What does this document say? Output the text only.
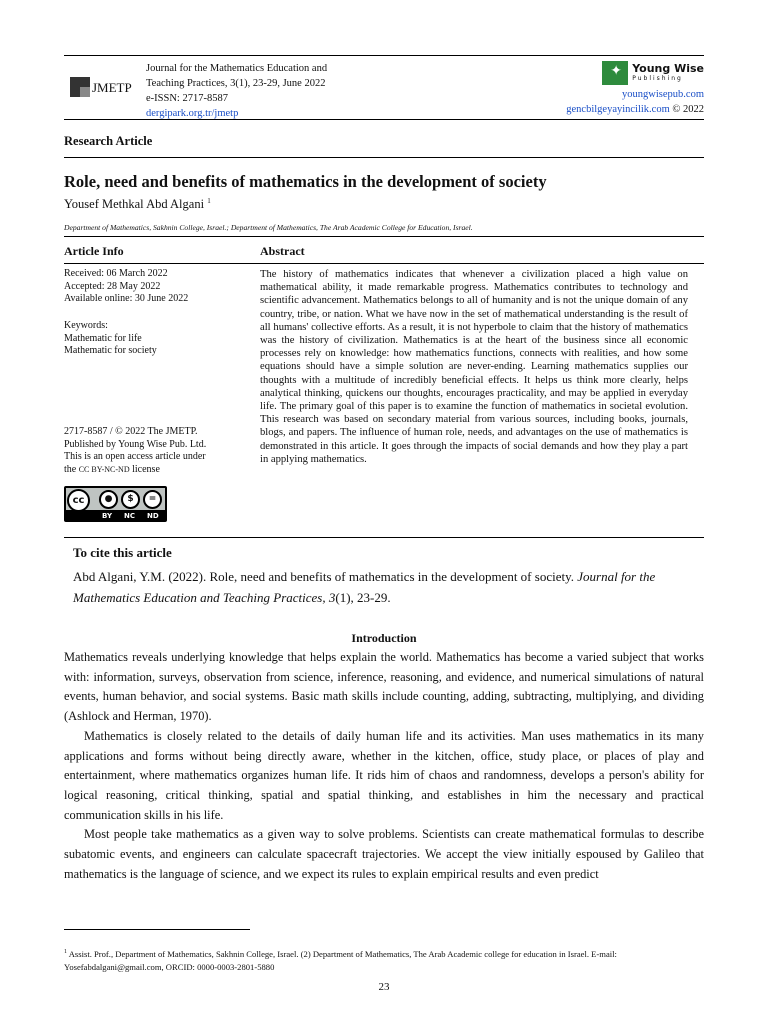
JMETP
Journal for the Mathematics Education and
Teaching Practices, 3(1), 23-29, June 2022
e-ISSN: 2717-8587
dergipark.org.tr/jmetp
✦ Young Wise
Publishing
youngwisepub.com
gencbilgeyayincilik.com © 2022
Research Article
Role, need and benefits of mathematics in the development of society
Yousef Methkal Abd Algani $^1$
Department of Mathematics, Sakhnin College, Israel.; Department of Mathematics, The Arab Academic College for Education, Israel.
Article Info	Abstract
Received: 06 March 2022
Accepted: 28 May 2022
Available online: 30 June 2022
Keywords:
Mathematic for life
Mathematic for society
2717-8587 / © 2022 The JMETP.
Published by Young Wise Pub. Ltd.
This is an open access article under
the CC BY-NC-ND license
cc	●	$	=
BY NC ND
The history of mathematics indicates that whenever a civilization placed a high value on mathematical ability, it made remarkable progress. Mathematics contributes to technology and scientific advancement. Mathematics belongs to all of humanity and is not the unique domain of any country, tribe, or nation. What we have now in the set of mathematical understanding is the result of all humans' collective efforts. As a result, it is not hyperbole to claim that the history of mathematics was the history of civilization. Mathematics is at the heart of the business since all economic processes rely on knowledge: how mathematics functions, connects with realities, and how some equations should have a simple solution are never-ending. Learning mathematics supplies our thoughts with a multitude of incredibly beneficial effects. It helps us think more clearly, helps analytical thinking, quickens our thoughts, encourages practicality, and may be applied in everyday life. The primary goal of this paper is to examine the function of mathematics in societal evolution. This research was based on secondary material from various sources, including books, journals, blogs, and papers. The influence of human role, needs, and advantages on the use of mathematics is demonstrated in this article. It goes through the impacts of social demands and how they play a part in applying mathematics.
To cite this article
Abd Algani, Y.M. (2022). Role, need and benefits of mathematics in the development of society. Journal for the Mathematics Education and Teaching Practices, 3(1), 23-29.
Introduction

Mathematics reveals underlying knowledge that helps explain the world. Mathematics has become a varied subject that works with: information, surveys, observation from science, inference, reasoning, and evidence, and numerical simulations of natural events, human behavior, and social systems. Basic math skills include counting, adding, subtracting, multiplying, and dividing (Ashlock and Herman, 1970).

Mathematics is closely related to the details of daily human life and its activities. Man uses mathematics in its many applications and forms without being directly aware, whether in the kitchen, office, study place, or places of play and entertainment, where mathematics organizes human life. It rids him of chaos and randomness, develops a person's ability for logical reasoning, critical thinking, spatial and spatial thinking, and establishes in him the necessary and practical communication skills in his life.

Most people take mathematics as a given way to solve problems. Scientists can create mathematical formulas to describe subatomic events, and engineers can calculate spacecraft trajectories. We accept the view initially espoused by Galileo that mathematics is the language of science, and we expect its rules to explain empirical results and even predict

$^1$ Assist. Prof., Department of Mathematics, Sakhnin College, Israel. (2) Department of Mathematics, The Arab Academic college for education in Israel. E-mail: Yosefabdalgani@gmail.com, ORCID: 0000-0003-2801-5880
23
